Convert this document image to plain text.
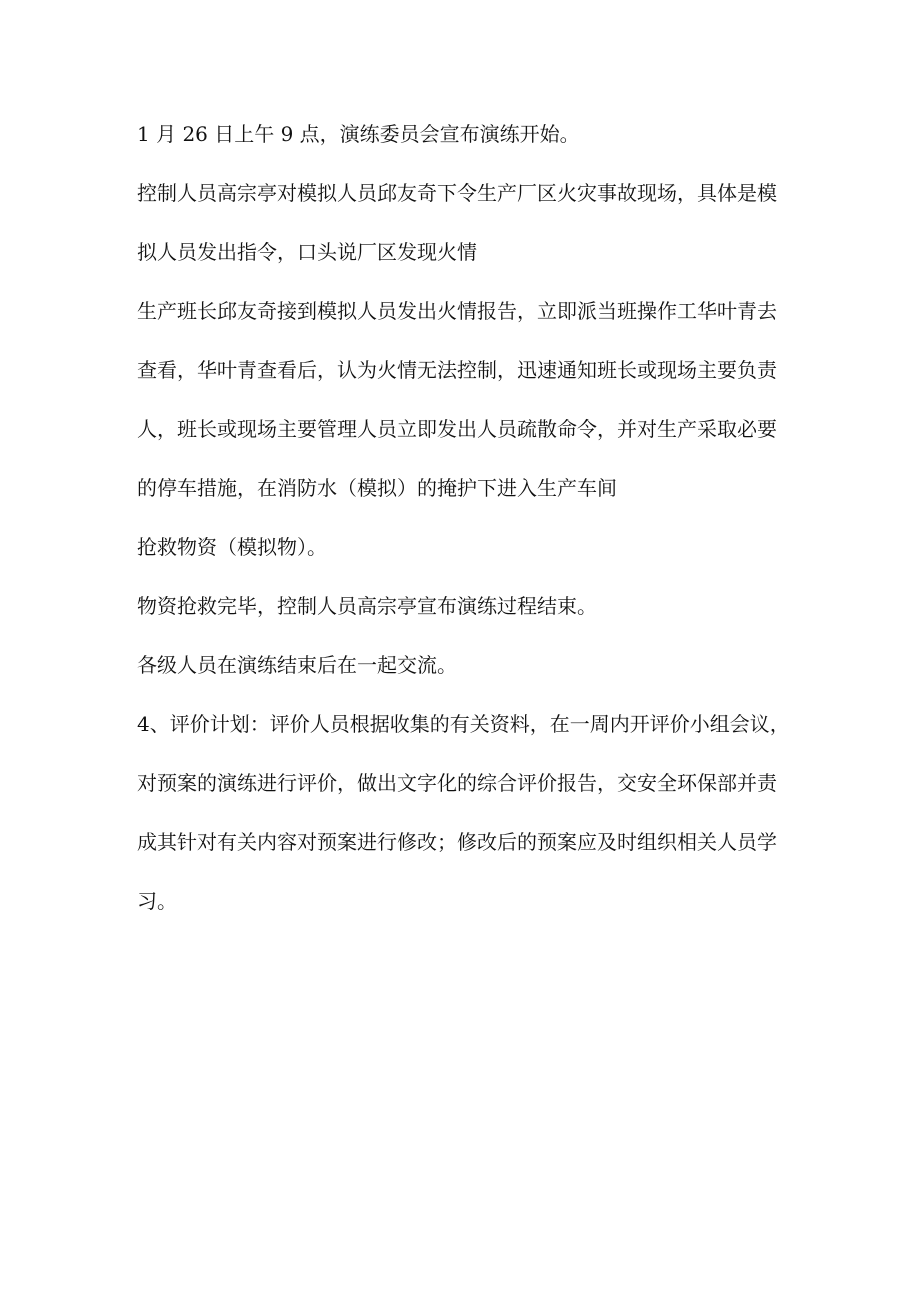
1 月 26 日上午 9 点，演练委员会宣布演练开始。
控制人员高宗亭对模拟人员邱友奇下令生产厂区火灾事故现场，具体是模
拟人员发出指令，口头说厂区发现火情
生产班长邱友奇接到模拟人员发出火情报告，立即派当班操作工华叶青去
查看，华叶青查看后，认为火情无法控制，迅速通知班长或现场主要负责
人，班长或现场主要管理人员立即发出人员疏散命令，并对生产采取必要
的停车措施，在消防水（模拟）的掩护下进入生产车间
抢救物资（模拟物）。
物资抢救完毕，控制人员高宗亭宣布演练过程结束。
各级人员在演练结束后在一起交流。
4、评价计划：评价人员根据收集的有关资料，在一周内开评价小组会议，
对预案的演练进行评价，做出文字化的综合评价报告，交安全环保部并责
成其针对有关内容对预案进行修改；修改后的预案应及时组织相关人员学
习。
